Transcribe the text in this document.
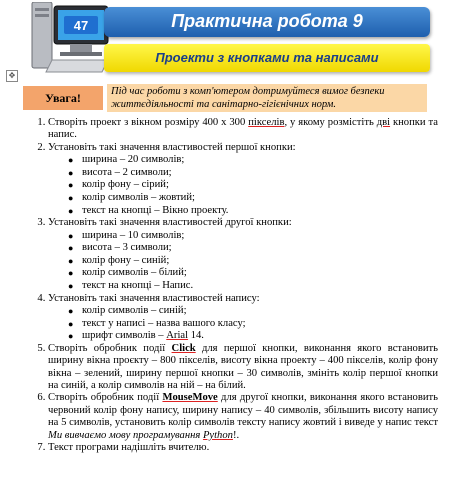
47	Практична робота 9
Проекти з кнопками та написами
✥
Увага!	Під час роботи з комп'ютером дотримуйтеся вимог безпеки життєдіяльності та санітарно-гігієнічних норм.
1. Створіть проект з вікном розміру 400 х 300 пікселів, у якому розмістіть дві кнопки та напис.
2. Установіть такі значення властивостей першої кнопки:
● ширина – 20 символів;
● висота – 2 символи;
● колір фону – сірий;
● колір символів – жовтий;
● текст на кнопці – Вікно проекту.
3. Установіть такі значення властивостей другої кнопки:
● ширина – 10 символів;
● висота – 3 символи;
● колір фону – синій;
● колір символів – білий;
● текст на кнопці – Напис.
4. Установіть такі значення властивостей напису:
● колір символів – синій;
● текст у написі – назва вашого класу;
● шрифт символів – Arial 14.
5. Створіть обробник події Click для першої кнопки, виконання якого встановить ширину вікна проєкту – 800 пікселів, висоту вікна проекту – 400 пікселів, колір фону вікна – зелений, ширину першої кнопки – 30 символів, змініть колір першої кнопки на синій, а колір символів на ній – на білий.
6. Створіть обробник події MouseMove для другої кнопки, виконання якого встановить червоний колір фону напису, ширину напису – 40 символів, збільшить висоту напису на 5 символів, установить колір символів тексту напису жовтий і виведе у напис текст Ми вивчаємо мову програмування Python!.
7. Текст програми надішліть вчителю.
